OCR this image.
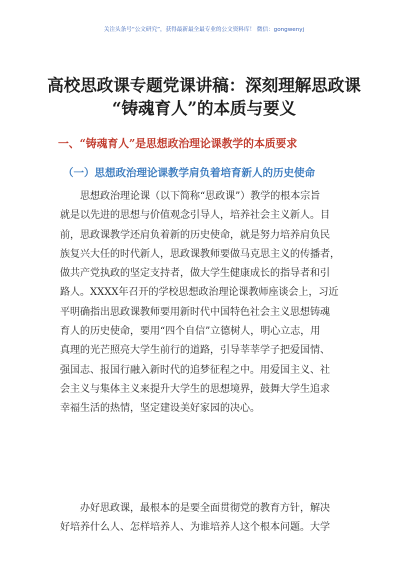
关注头条号“公文研究”，获得最新最全最专业的公文资料库！ 微信：gongwenyj
高校思政课专题党课讲稿：深刻理解思政课
“铸魂育人”的本质与要义
一、“铸魂育人”是思想政治理论课教学的本质要求
（一）思想政治理论课教学肩负着培育新人的历史使命
思想政治理论课（以下简称“思政课”）教学的根本宗旨
就是以先进的思想与价值观念引导人，培养社会主义新人。目
前，思政课教学还肩负着新的历史使命，就是努力培养肩负民
族复兴大任的时代新人，思政课教师要做马克思主义的传播者，
做共产党执政的坚定支持者，做大学生健康成长的指导者和引
路人。XXXX年召开的学校思想政治理论课教师座谈会上，习近
平明确指出思政课教师要用新时代中国特色社会主义思想铸魂
育人的历史使命，要用“四个自信”立德树人，明心立志，用
真理的光芒照亮大学生前行的道路，引导莘莘学子把爱国情、
强国志、报国行融入新时代的追梦征程之中。用爱国主义、社
会主义与集体主义来提升大学生的思想境界，鼓舞大学生追求
幸福生活的热情，坚定建设美好家园的决心。
办好思政课，最根本的是要全面贯彻党的教育方针，解决
好培养什么人、怎样培养人、为谁培养人这个根本问题。大学
